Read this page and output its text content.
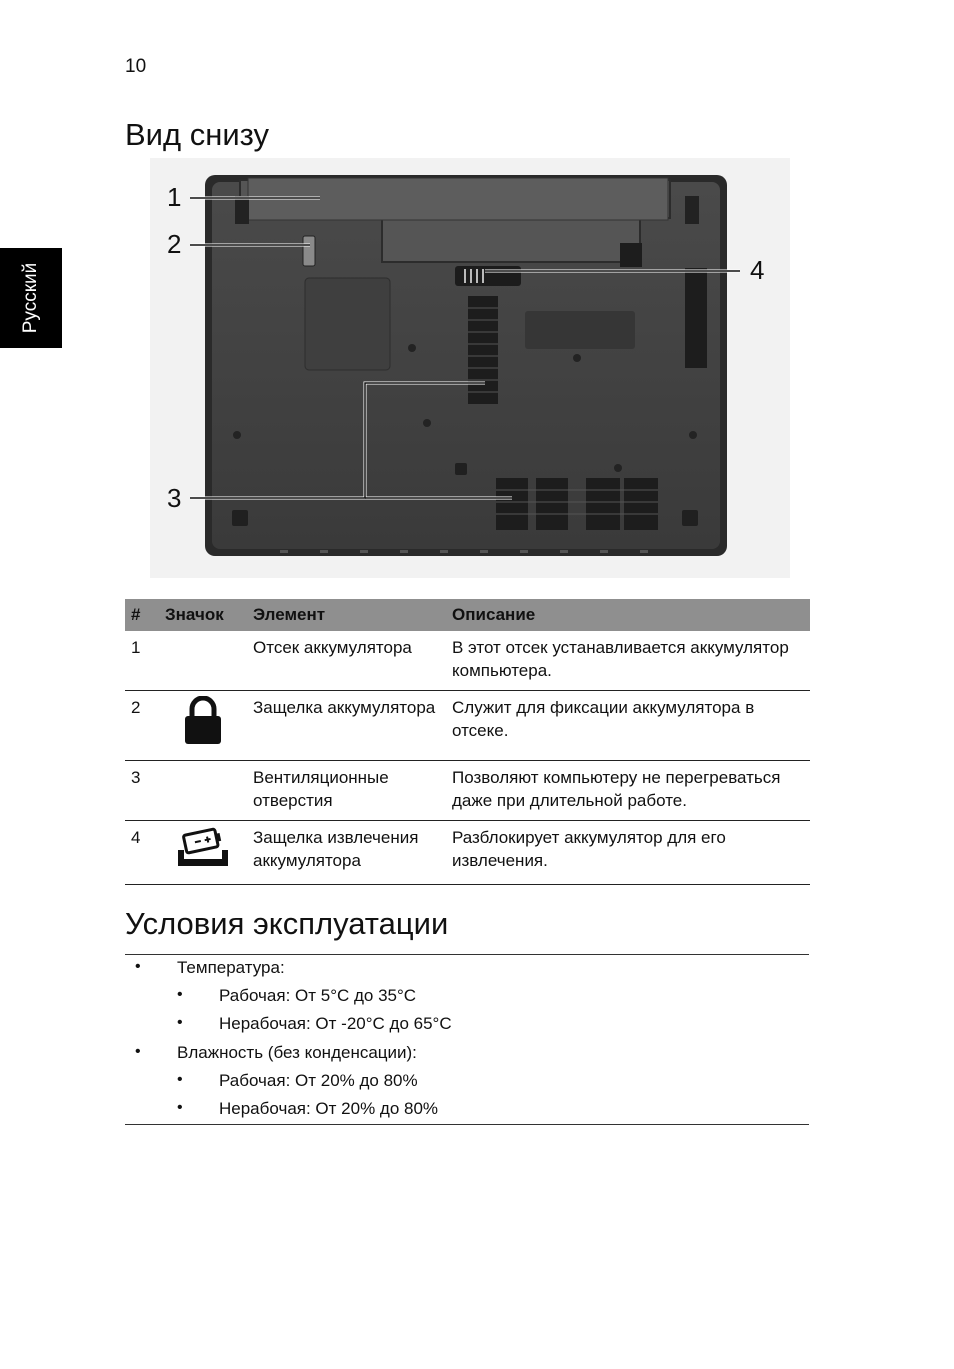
10
Русский
Вид снизу
1
2
3
4
#	Значок	Элемент	Описание
1		Отсек аккумулятора	В этот отсек устанавливается аккумулятор компьютера.
2		Защелка аккумулятора	Служит для фиксации аккумулятора в отсеке.
3		Вентиляционные отверстия	Позволяют компьютеру не перегреваться даже при длительной работе.
4		Защелка извлечения аккумулятора	Разблокирует аккумулятор для его извлечения.
Условия эксплуатации
• Температура:
• Рабочая: От 5°C до 35°C
• Нерабочая: От -20°C до 65°C
• Влажность (без конденсации):
• Рабочая: От 20% до 80%
• Нерабочая: От 20% до 80%
